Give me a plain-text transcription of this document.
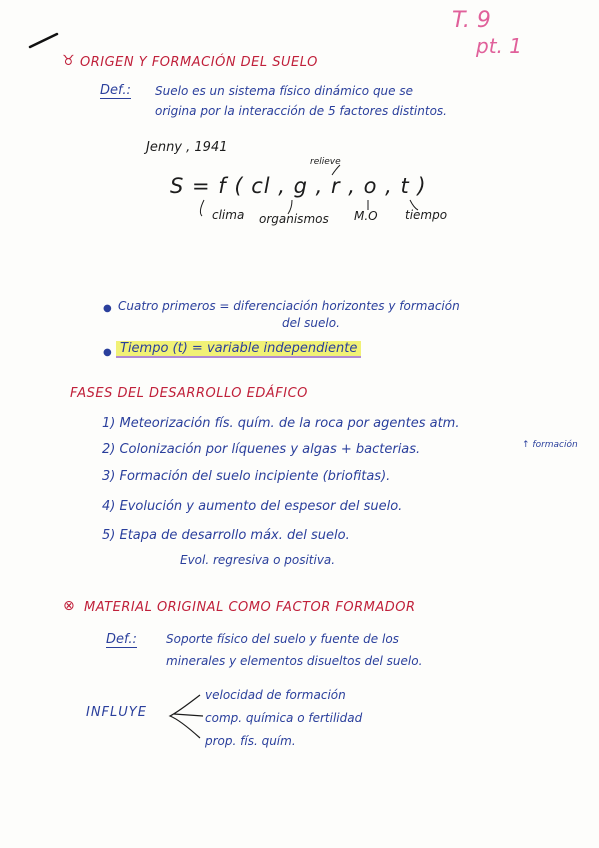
T. 9
pt. 1
♉ ORIGEN Y FORMACIÓN DEL SUELO
Def.: Suelo es un sistema físico dinámico que se
origina por la interacción de 5 factores distintos.
Jenny , 1941
relieve
S = f ( cl , g , r , o , t )
clima organismos M.O tiempo
● Cuatro primeros = diferenciación horizontes y formación
del suelo.
● Tiempo (t) = variable independiente
FASES DEL DESARROLLO EDÁFICO
1) Meteorización fís. quím. de la roca por agentes atm.
2) Colonización por líquenes y algas + bacterias.	↑ formación
3) Formación del suelo incipiente (briofitas).
4) Evolución y aumento del espesor del suelo.
5) Etapa de desarrollo máx. del suelo.
Evol. regresiva o positiva.
⊗ MATERIAL ORIGINAL COMO FACTOR FORMADOR
Def.: Soporte físico del suelo y fuente de los
minerales y elementos disueltos del suelo.
INFLUYE
velocidad de formación
comp. química o fertilidad
prop. fís. quím.
